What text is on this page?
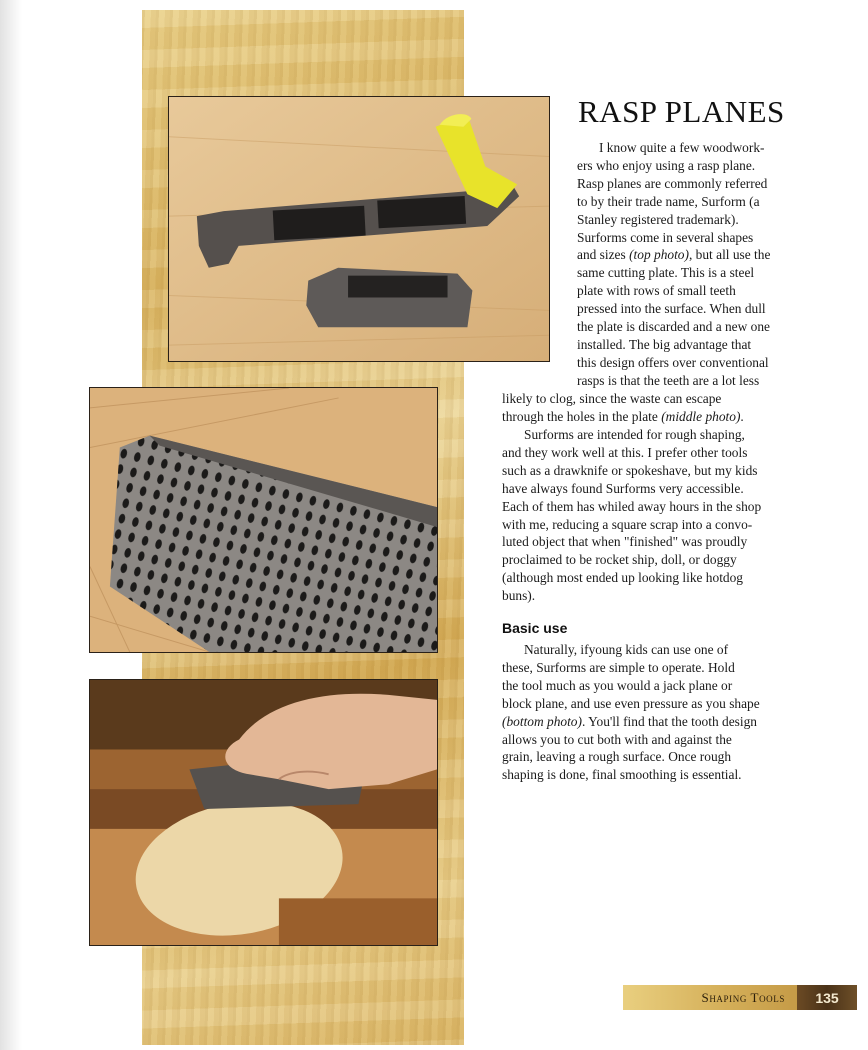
RASP PLANES

I know quite a few woodwork-
ers who enjoy using a rasp plane.
Rasp planes are commonly referred
to by their trade name, Surform (a
Stanley registered trademark).
Surforms come in several shapes
and sizes (top photo), but all use the
same cutting plate. This is a steel
plate with rows of small teeth
pressed into the surface. When dull
the plate is discarded and a new one
installed. The big advantage that
this design offers over conventional
rasps is that the teeth are a lot less

likely to clog, since the waste can escape
through the holes in the plate (middle photo).

Surforms are intended for rough shaping,
and they work well at this. I prefer other tools
such as a drawknife or spokeshave, but my kids
have always found Surforms very accessible.
Each of them has whiled away hours in the shop
with me, reducing a square scrap into a convo-
luted object that when "finished" was proudly
proclaimed to be rocket ship, doll, or doggy
(although most ended up looking like hotdog
buns).

Basic use

Naturally, ifyoung kids can use one of
these, Surforms are simple to operate. Hold
the tool much as you would a jack plane or
block plane, and use even pressure as you shape
(bottom photo). You'll find that the tooth design
allows you to cut both with and against the
grain, leaving a rough surface. Once rough
shaping is done, final smoothing is essential.

Shaping Tools	135
